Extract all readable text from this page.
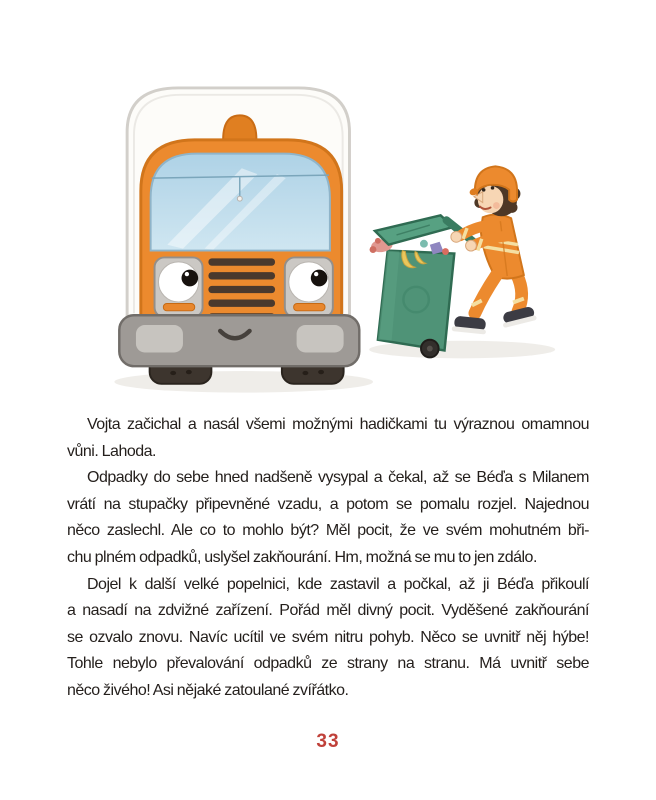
Vojta začichal a nasál všemi možnými hadičkami tu výraznou omamnou
vůni. Lahoda.
Odpadky do sebe hned nadšeně vysypal a čekal, až se Béďa s Milanem
vrátí na stupačky připevněné vzadu, a potom se pomalu rozjel. Najednou
něco zaslechl. Ale co to mohlo být? Měl pocit, že ve svém mohutném bři-
chu plném odpadků, uslyšel zakňourání. Hm, možná se mu to jen zdálo.
Dojel k další velké popelnici, kde zastavil a počkal, až ji Béďa přikoulí
a nasadí na zdvižné zařízení. Pořád měl divný pocit. Vyděšené zakňourání
se ozvalo znovu. Navíc ucítil ve svém nitru pohyb. Něco se uvnitř něj hýbe!
Tohle nebylo převalování odpadků ze strany na stranu. Má uvnitř sebe
něco živého! Asi nějaké zatoulané zvířátko.
33
